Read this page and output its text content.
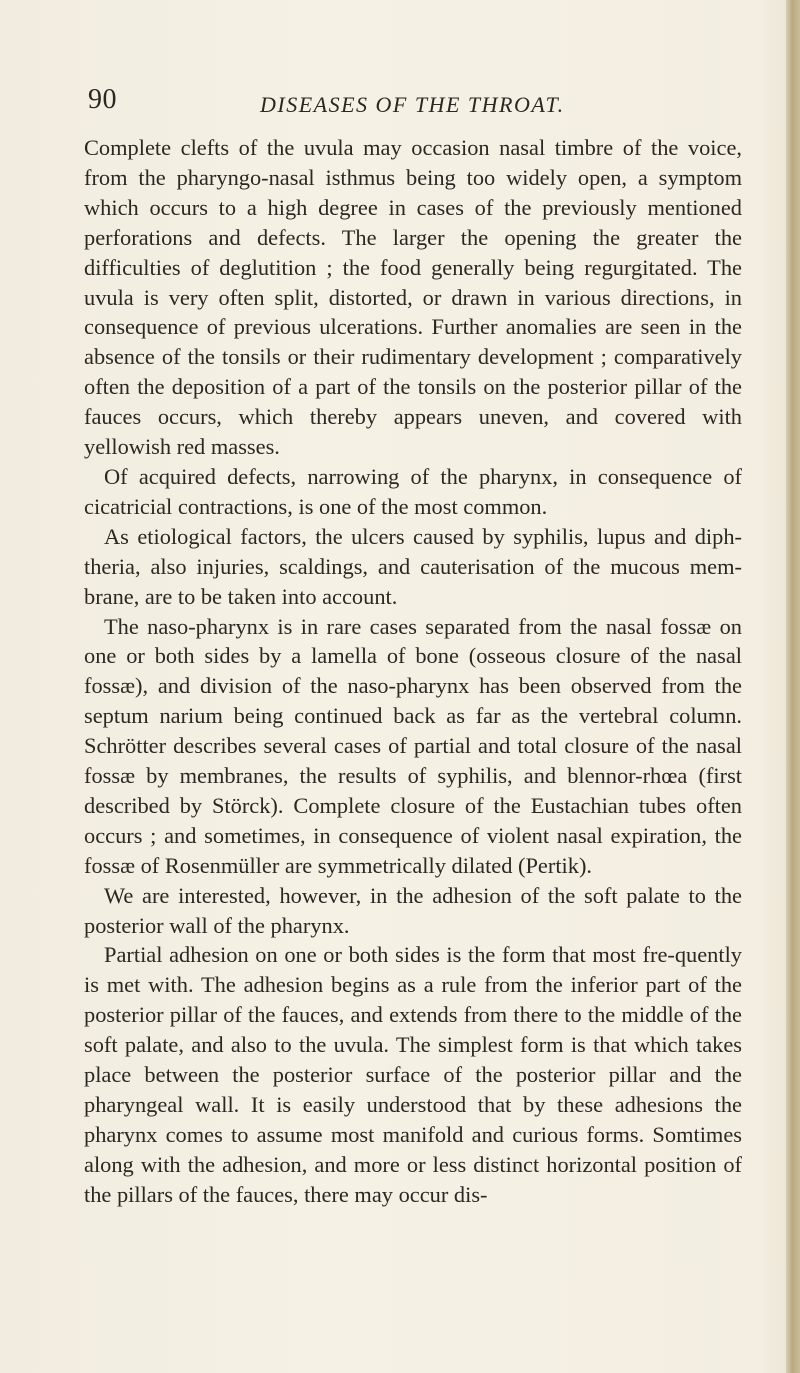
90	DISEASES OF THE THROAT.

Complete clefts of the uvula may occasion nasal timbre of the voice, from the pharyngo-nasal isthmus being too widely open, a symptom which occurs to a high degree in cases of the previously mentioned perforations and defects. The larger the opening the greater the difficulties of deglutition ; the food generally being regurgitated. The uvula is very often split, distorted, or drawn in various directions, in consequence of previous ulcerations. Further anomalies are seen in the absence of the tonsils or their rudimentary development ; comparatively often the deposition of a part of the tonsils on the posterior pillar of the fauces occurs, which thereby appears uneven, and covered with yellowish red masses.

Of acquired defects, narrowing of the pharynx, in consequence of cicatricial contractions, is one of the most common.

As etiological factors, the ulcers caused by syphilis, lupus and diph-theria, also injuries, scaldings, and cauterisation of the mucous mem-brane, are to be taken into account.

The naso-pharynx is in rare cases separated from the nasal fossæ on one or both sides by a lamella of bone (osseous closure of the nasal fossæ), and division of the naso-pharynx has been observed from the septum narium being continued back as far as the vertebral column. Schrötter describes several cases of partial and total closure of the nasal fossæ by membranes, the results of syphilis, and blennor-rhœa (first described by Störck). Complete closure of the Eustachian tubes often occurs ; and sometimes, in consequence of violent nasal expiration, the fossæ of Rosenmüller are symmetrically dilated (Pertik).

We are interested, however, in the adhesion of the soft palate to the posterior wall of the pharynx.

Partial adhesion on one or both sides is the form that most fre-quently is met with. The adhesion begins as a rule from the inferior part of the posterior pillar of the fauces, and extends from there to the middle of the soft palate, and also to the uvula. The simplest form is that which takes place between the posterior surface of the posterior pillar and the pharyngeal wall. It is easily understood that by these adhesions the pharynx comes to assume most manifold and curious forms. Somtimes along with the adhesion, and more or less distinct horizontal position of the pillars of the fauces, there may occur dis-
